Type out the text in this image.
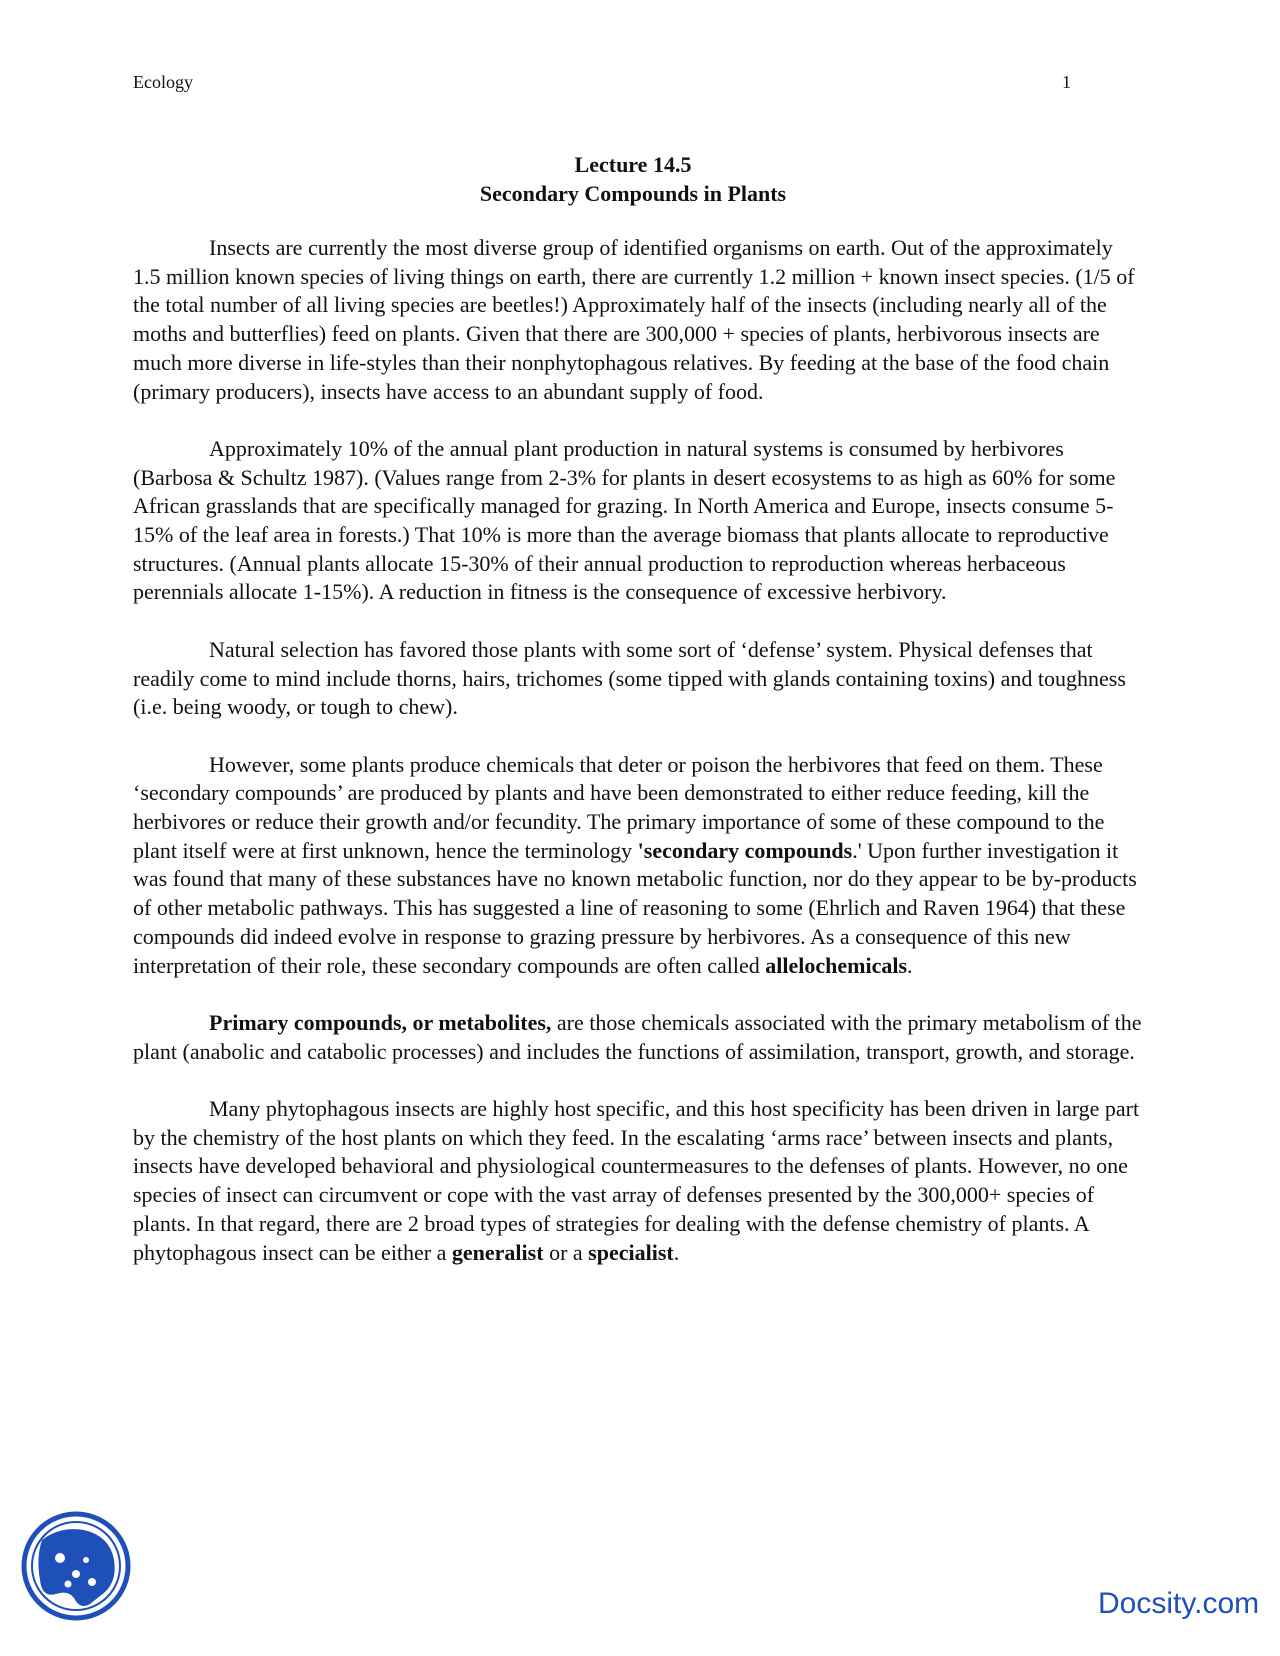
Ecology	1
Lecture 14.5
Secondary Compounds in Plants

Insects are currently the most diverse group of identified organisms on earth. Out of the approximately 1.5 million known species of living things on earth, there are currently 1.2 million + known insect species. (1/5 of the total number of all living species are beetles!) Approximately half of the insects (including nearly all of the moths and butterflies) feed on plants. Given that there are 300,000 + species of plants, herbivorous insects are much more diverse in life-styles than their nonphytophagous relatives. By feeding at the base of the food chain (primary producers), insects have access to an abundant supply of food.

Approximately 10% of the annual plant production in natural systems is consumed by herbivores (Barbosa & Schultz 1987). (Values range from 2-3% for plants in desert ecosystems to as high as 60% for some African grasslands that are specifically managed for grazing. In North America and Europe, insects consume 5-15% of the leaf area in forests.) That 10% is more than the average biomass that plants allocate to reproductive structures. (Annual plants allocate 15-30% of their annual production to reproduction whereas herbaceous perennials allocate 1-15%). A reduction in fitness is the consequence of excessive herbivory.

Natural selection has favored those plants with some sort of ‘defense’ system. Physical defenses that readily come to mind include thorns, hairs, trichomes (some tipped with glands containing toxins) and toughness (i.e. being woody, or tough to chew).

However, some plants produce chemicals that deter or poison the herbivores that feed on them. These ‘secondary compounds’ are produced by plants and have been demonstrated to either reduce feeding, kill the herbivores or reduce their growth and/or fecundity. The primary importance of some of these compound to the plant itself were at first unknown, hence the terminology 'secondary compounds.' Upon further investigation it was found that many of these substances have no known metabolic function, nor do they appear to be by-products of other metabolic pathways. This has suggested a line of reasoning to some (Ehrlich and Raven 1964) that these compounds did indeed evolve in response to grazing pressure by herbivores. As a consequence of this new interpretation of their role, these secondary compounds are often called allelochemicals.

Primary compounds, or metabolites, are those chemicals associated with the primary metabolism of the plant (anabolic and catabolic processes) and includes the functions of assimilation, transport, growth, and storage.

Many phytophagous insects are highly host specific, and this host specificity has been driven in large part by the chemistry of the host plants on which they feed. In the escalating ‘arms race’ between insects and plants, insects have developed behavioral and physiological countermeasures to the defenses of plants. However, no one species of insect can circumvent or cope with the vast array of defenses presented by the 300,000+ species of plants. In that regard, there are 2 broad types of strategies for dealing with the defense chemistry of plants. A phytophagous insect can be either a generalist or a specialist.

Docsity.com
